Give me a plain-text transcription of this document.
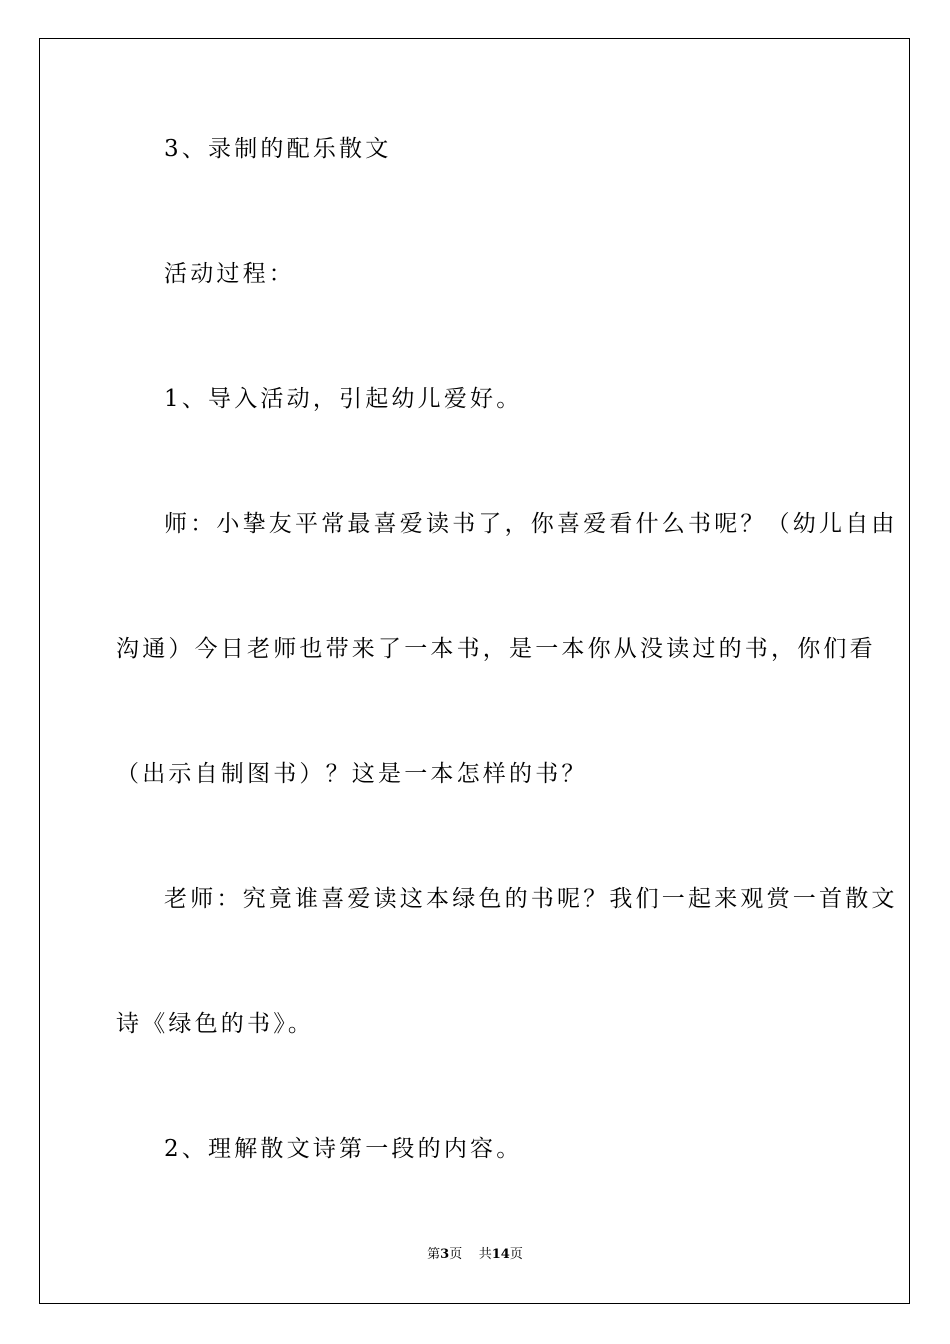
3、录制的配乐散文
活动过程：
1、导入活动，引起幼儿爱好。
师：小挚友平常最喜爱读书了，你喜爱看什么书呢？（幼儿自由
沟通）今日老师也带来了一本书，是一本你从没读过的书，你们看
（出示自制图书）？这是一本怎样的书？
老师：究竟谁喜爱读这本绿色的书呢？我们一起来观赏一首散文
诗《绿色的书》。
2、理解散文诗第一段的内容。
第3页 共14页
